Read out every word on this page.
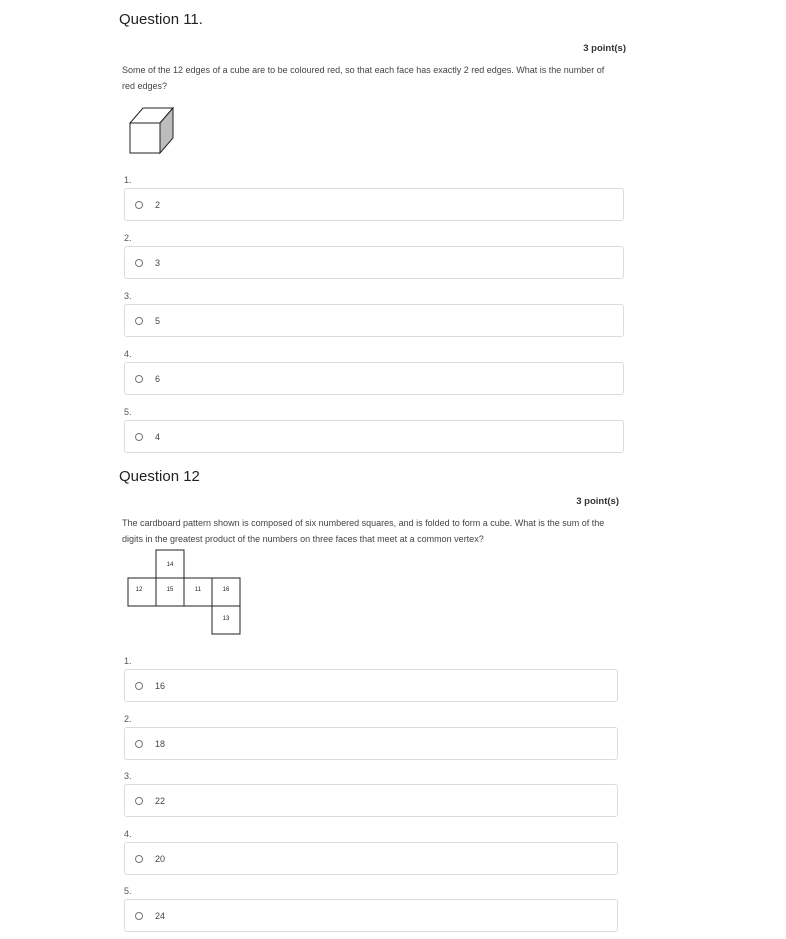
Question 11.
3 point(s)
Some of the 12 edges of a cube are to be coloured red, so that each face has exactly 2 red edges. What is the number of
red edges?
1.
2
2.
3
3.
5
4.
6
5.
4
Question 12
3 point(s)
The cardboard pattern shown is composed of six numbered squares, and is folded to form a cube. What is the sum of the
digits in the greatest product of the numbers on three faces that meet at a common vertex?
14
12	15	11	16
13
1.
16
2.
18
3.
22
4.
20
5.
24
